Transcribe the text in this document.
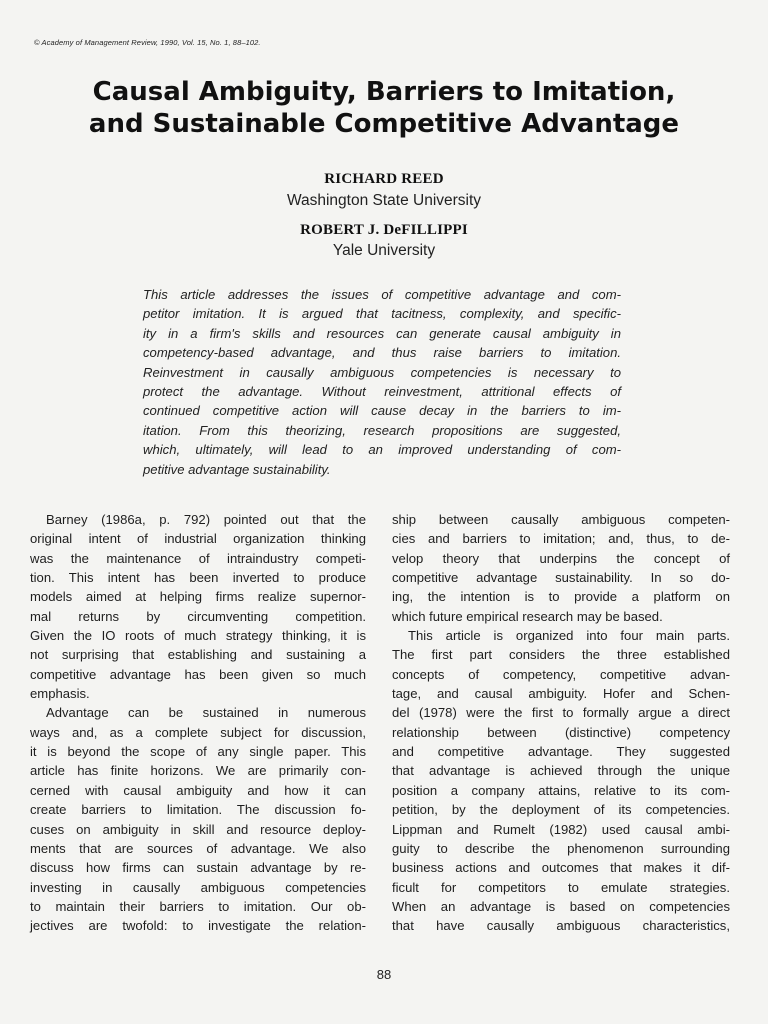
© Academy of Management Review, 1990, Vol. 15, No. 1, 88–102.
Causal Ambiguity, Barriers to Imitation,
and Sustainable Competitive Advantage
RICHARD REED
Washington State University
ROBERT J. DeFILLIPPI
Yale University
This article addresses the issues of competitive advantage and com-
petitor imitation. It is argued that tacitness, complexity, and specific-
ity in a firm's skills and resources can generate causal ambiguity in
competency-based advantage, and thus raise barriers to imitation.
Reinvestment in causally ambiguous competencies is necessary to
protect the advantage. Without reinvestment, attritional effects of
continued competitive action will cause decay in the barriers to im-
itation. From this theorizing, research propositions are suggested,
which, ultimately, will lead to an improved understanding of com-
petitive advantage sustainability.
Barney (1986a, p. 792) pointed out that the
original intent of industrial organization thinking
was the maintenance of intraindustry competi-
tion. This intent has been inverted to produce
models aimed at helping firms realize supernor-
mal returns by circumventing competition.
Given the IO roots of much strategy thinking, it is
not surprising that establishing and sustaining a
competitive advantage has been given so much
emphasis.
Advantage can be sustained in numerous
ways and, as a complete subject for discussion,
it is beyond the scope of any single paper. This
article has finite horizons. We are primarily con-
cerned with causal ambiguity and how it can
create barriers to limitation. The discussion fo-
cuses on ambiguity in skill and resource deploy-
ments that are sources of advantage. We also
discuss how firms can sustain advantage by re-
investing in causally ambiguous competencies
to maintain their barriers to imitation. Our ob-
jectives are twofold: to investigate the relation-
ship between causally ambiguous competen-
cies and barriers to imitation; and, thus, to de-
velop theory that underpins the concept of
competitive advantage sustainability. In so do-
ing, the intention is to provide a platform on
which future empirical research may be based.
This article is organized into four main parts.
The first part considers the three established
concepts of competency, competitive advan-
tage, and causal ambiguity. Hofer and Schen-
del (1978) were the first to formally argue a direct
relationship between (distinctive) competency
and competitive advantage. They suggested
that advantage is achieved through the unique
position a company attains, relative to its com-
petition, by the deployment of its competencies.
Lippman and Rumelt (1982) used causal ambi-
guity to describe the phenomenon surrounding
business actions and outcomes that makes it dif-
ficult for competitors to emulate strategies.
When an advantage is based on competencies
that have causally ambiguous characteristics,
88
